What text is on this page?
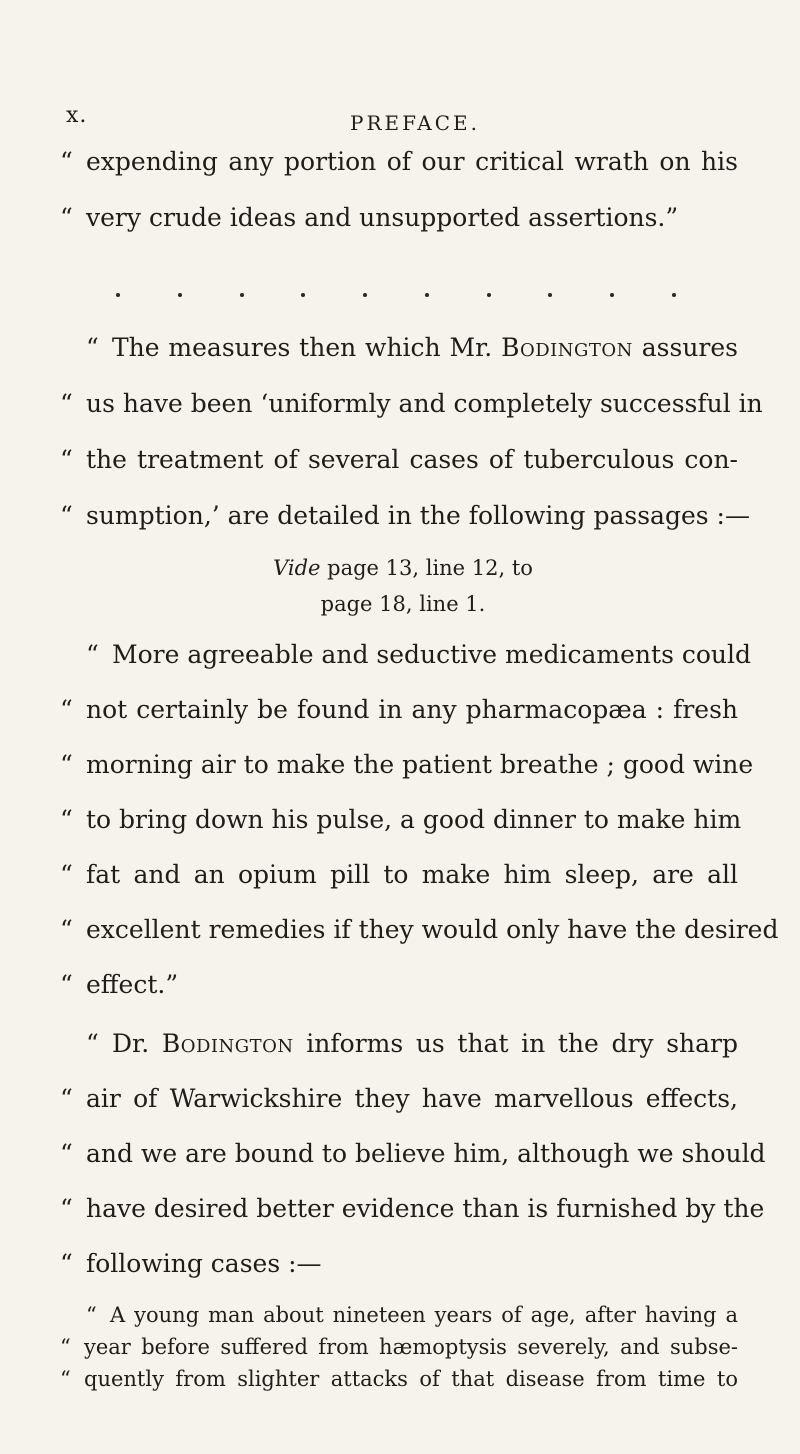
x.	PREFACE.
“ expending any portion of our critical wrath on his
“ very crude ideas and unsupported assertions.”
“ The measures then which Mr. Bodington assures
“ us have been ‘uniformly and completely successful in
“ the treatment of several cases of tuberculous con-
“ sumption,’ are detailed in the following passages :—
Vide page 13, line 12, to
page 18, line 1.
“ More agreeable and seductive medicaments could
“ not certainly be found in any pharmacopæa : fresh
“ morning air to make the patient breathe ; good wine
“ to bring down his pulse, a good dinner to make him
“ fat and an opium pill to make him sleep, are all
“ excellent remedies if they would only have the desired
“ effect.”
“ Dr. Bodington informs us that in the dry sharp
“ air of Warwickshire they have marvellous effects,
“ and we are bound to believe him, although we should
“ have desired better evidence than is furnished by the
“ following cases :—
“ A young man about nineteen years of age, after having a
“ year before suffered from hæmoptysis severely, and subse-
“ quently from slighter attacks of that disease from time to
